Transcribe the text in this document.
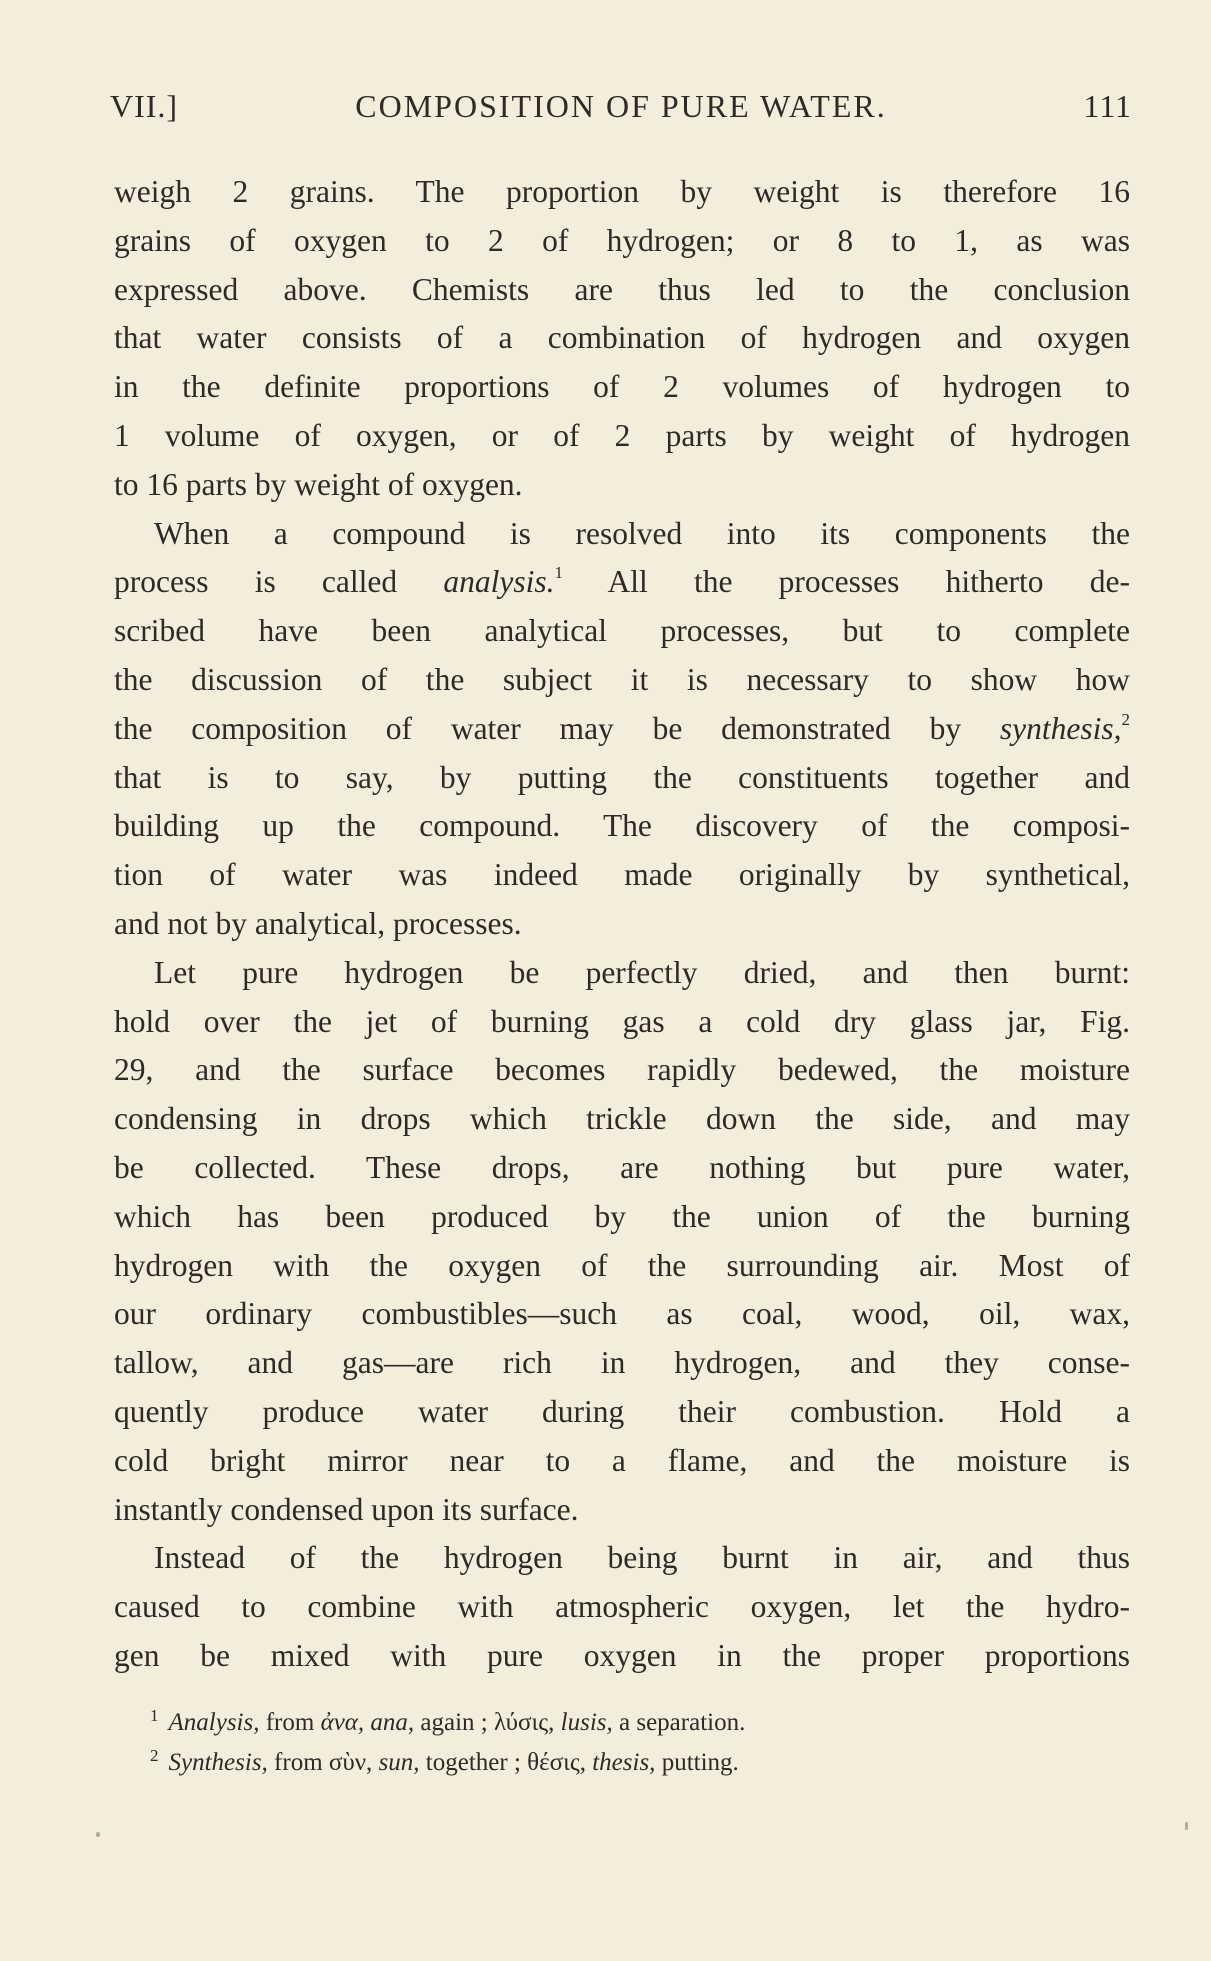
VII.]	COMPOSITION OF PURE WATER.	111
weigh 2 grains. The proportion by weight is therefore 16
grains of oxygen to 2 of hydrogen; or 8 to 1, as was
expressed above. Chemists are thus led to the conclusion
that water consists of a combination of hydrogen and oxygen
in the definite proportions of 2 volumes of hydrogen to
1 volume of oxygen, or of 2 parts by weight of hydrogen
to 16 parts by weight of oxygen.
When a compound is resolved into its components the
process is called analysis.$^1$ All the processes hitherto de-
scribed have been analytical processes, but to complete
the discussion of the subject it is necessary to show how
the composition of water may be demonstrated by synthesis,$^2$
that is to say, by putting the constituents together and
building up the compound. The discovery of the composi-
tion of water was indeed made originally by synthetical,
and not by analytical, processes.
Let pure hydrogen be perfectly dried, and then burnt:
hold over the jet of burning gas a cold dry glass jar, Fig.
29, and the surface becomes rapidly bedewed, the moisture
condensing in drops which trickle down the side, and may
be collected. These drops, are nothing but pure water,
which has been produced by the union of the burning
hydrogen with the oxygen of the surrounding air. Most of
our ordinary combustibles—such as coal, wood, oil, wax,
tallow, and gas—are rich in hydrogen, and they conse-
quently produce water during their combustion. Hold a
cold bright mirror near to a flame, and the moisture is
instantly condensed upon its surface.
Instead of the hydrogen being burnt in air, and thus
caused to combine with atmospheric oxygen, let the hydro-
gen be mixed with pure oxygen in the proper proportions
$^1$ Analysis, from ἀνα, ana, again ; λύσις, lusis, a separation.
$^2$ Synthesis, from σὺν, sun, together ; θέσις, thesis, putting.
